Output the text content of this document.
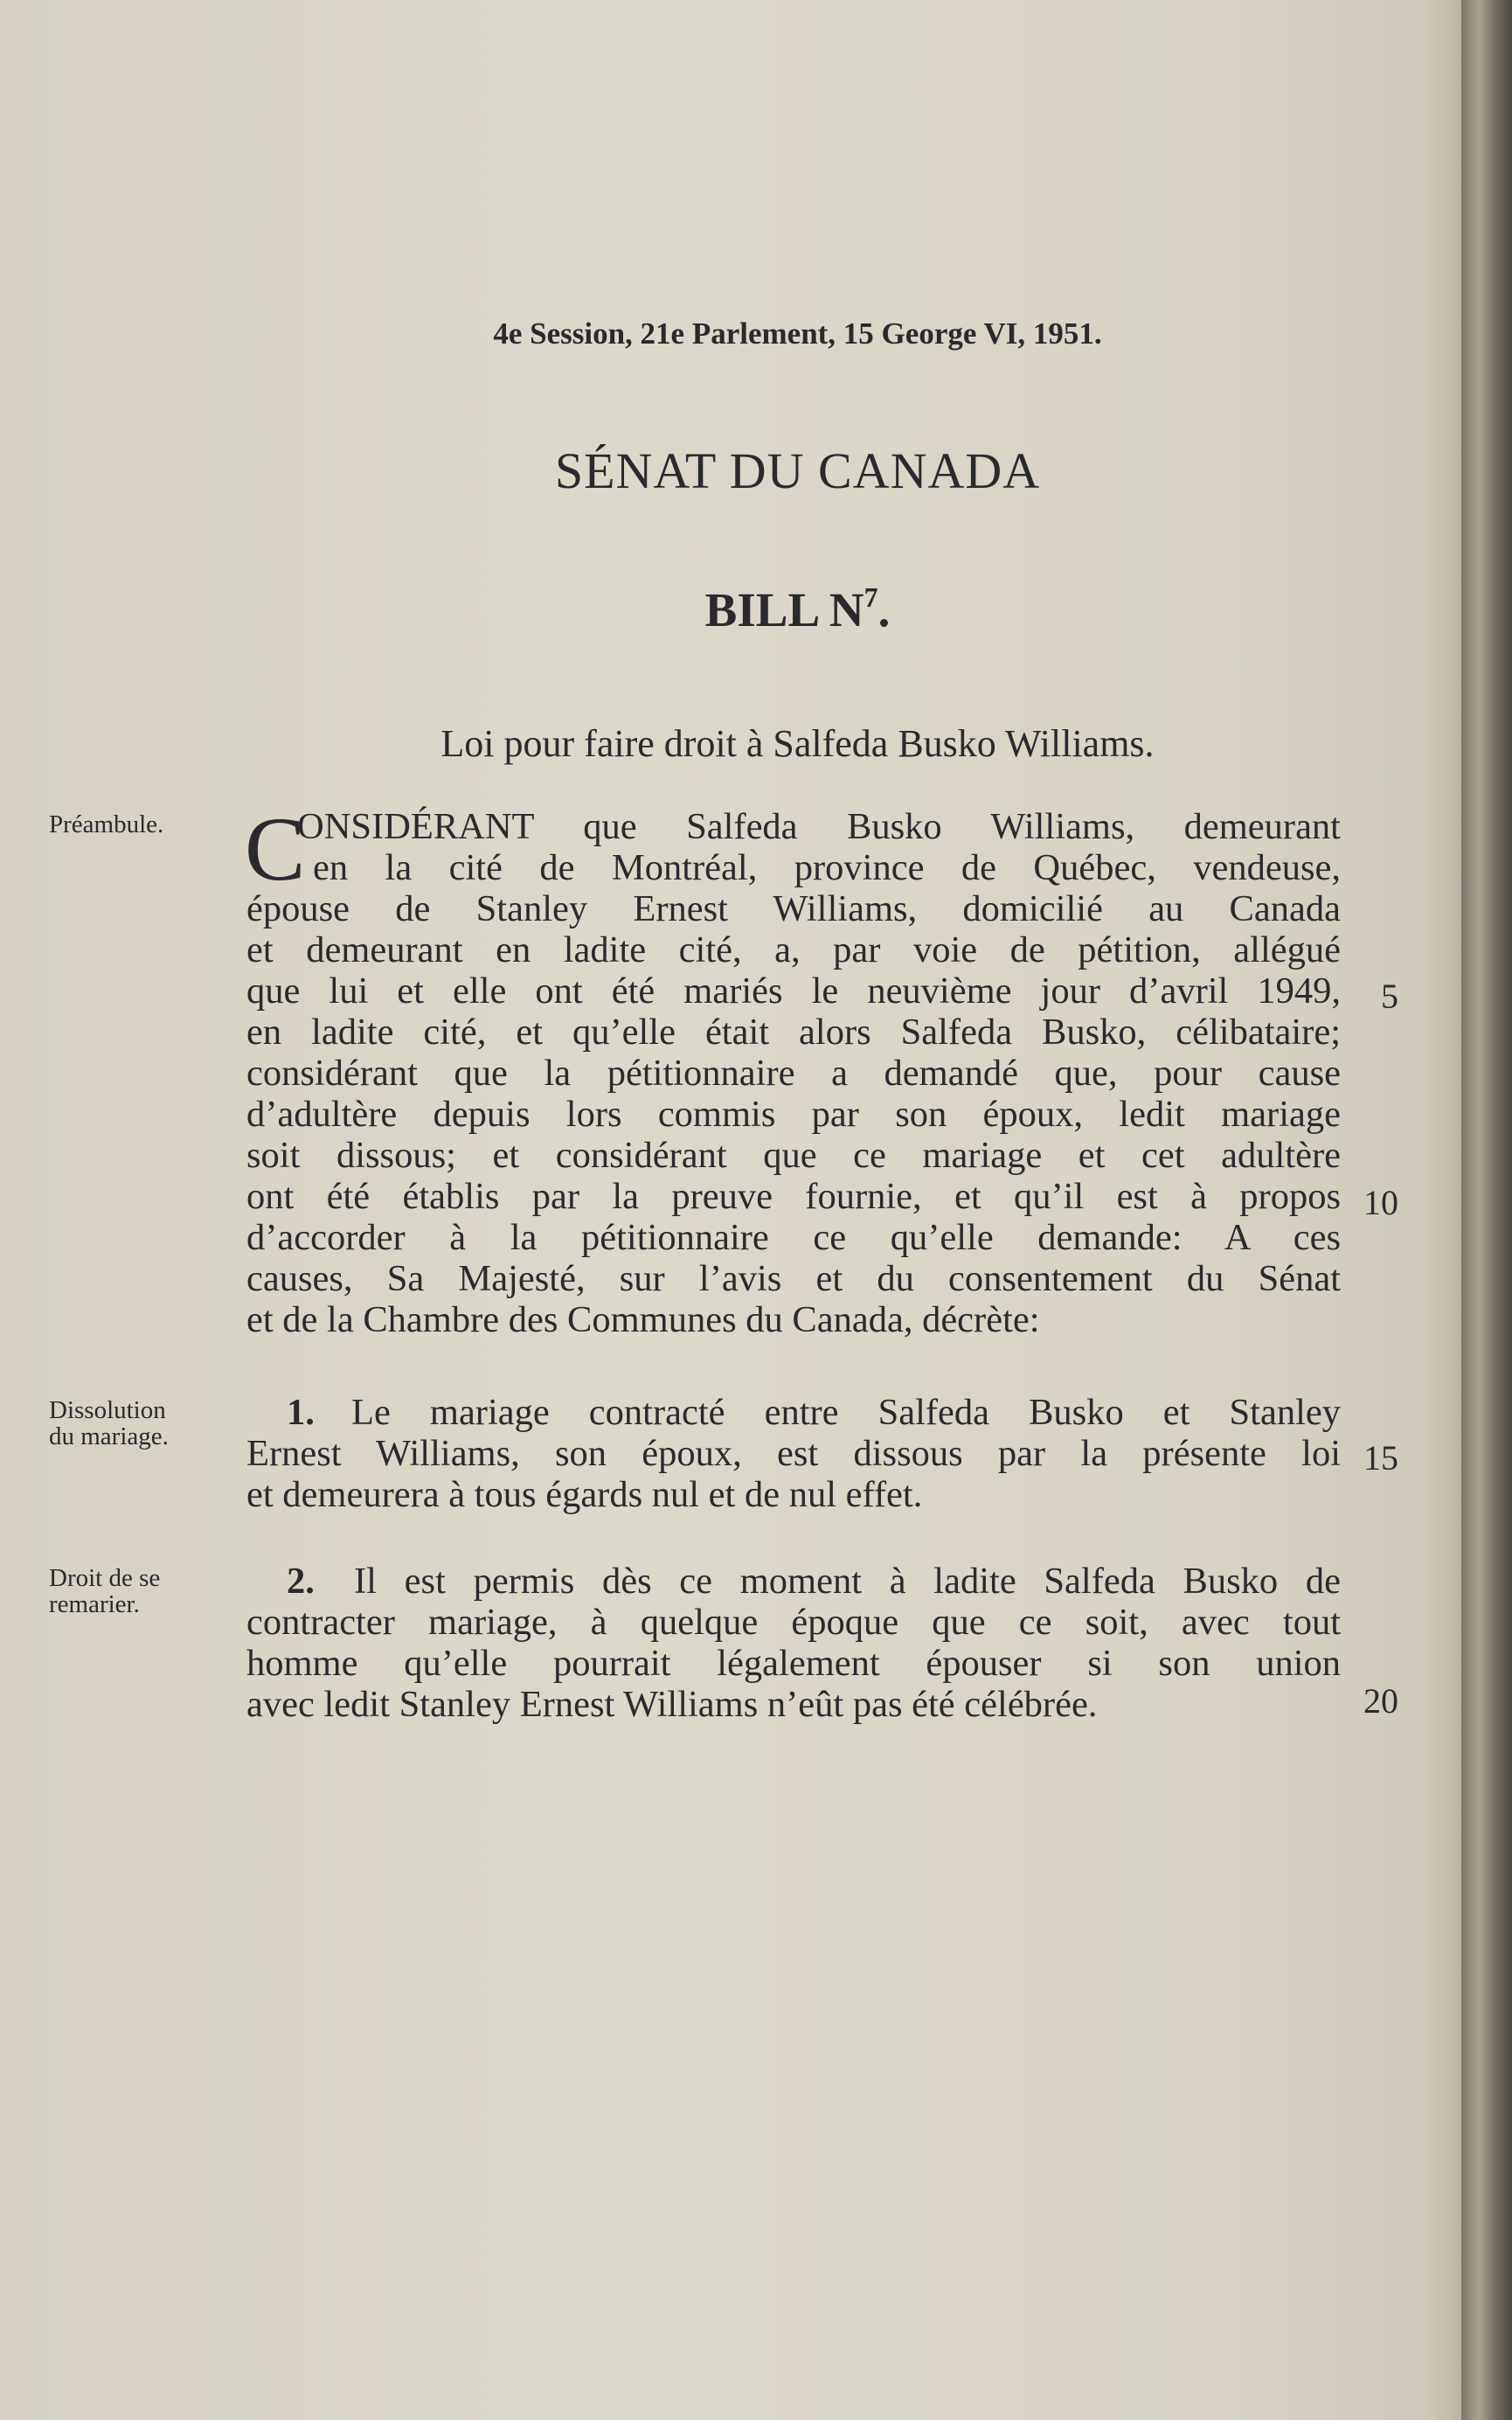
4e Session, 21e Parlement, 15 George VI, 1951.
SÉNAT DU CANADA
BILL $N^7$.
Loi pour faire droit à Salfeda Busko Williams.
Préambule.
Dissolution
du mariage.
Droit de se
remarier.
C
ONSIDÉRANT que Salfeda Busko Williams, demeurant
en la cité de Montréal, province de Québec, vendeuse,
épouse de Stanley Ernest Williams, domicilié au Canada
et demeurant en ladite cité, a, par voie de pétition, allégué
que lui et elle ont été mariés le neuvième jour d’avril 1949,
en ladite cité, et qu’elle était alors Salfeda Busko, célibataire;
considérant que la pétitionnaire a demandé que, pour cause
d’adultère depuis lors commis par son époux, ledit mariage
soit dissous; et considérant que ce mariage et cet adultère
ont été établis par la preuve fournie, et qu’il est à propos
d’accorder à la pétitionnaire ce qu’elle demande: A ces
causes, Sa Majesté, sur l’avis et du consentement du Sénat
et de la Chambre des Communes du Canada, décrète:
1. Le mariage contracté entre Salfeda Busko et Stanley
Ernest Williams, son époux, est dissous par la présente loi
et demeurera à tous égards nul et de nul effet.
2.	Il est permis dès ce moment à ladite Salfeda Busko de
contracter mariage, à quelque époque que ce soit, avec tout
homme qu’elle pourrait légalement épouser si son union
avec ledit Stanley Ernest Williams n’eût pas été célébrée.
5
10
15
20
